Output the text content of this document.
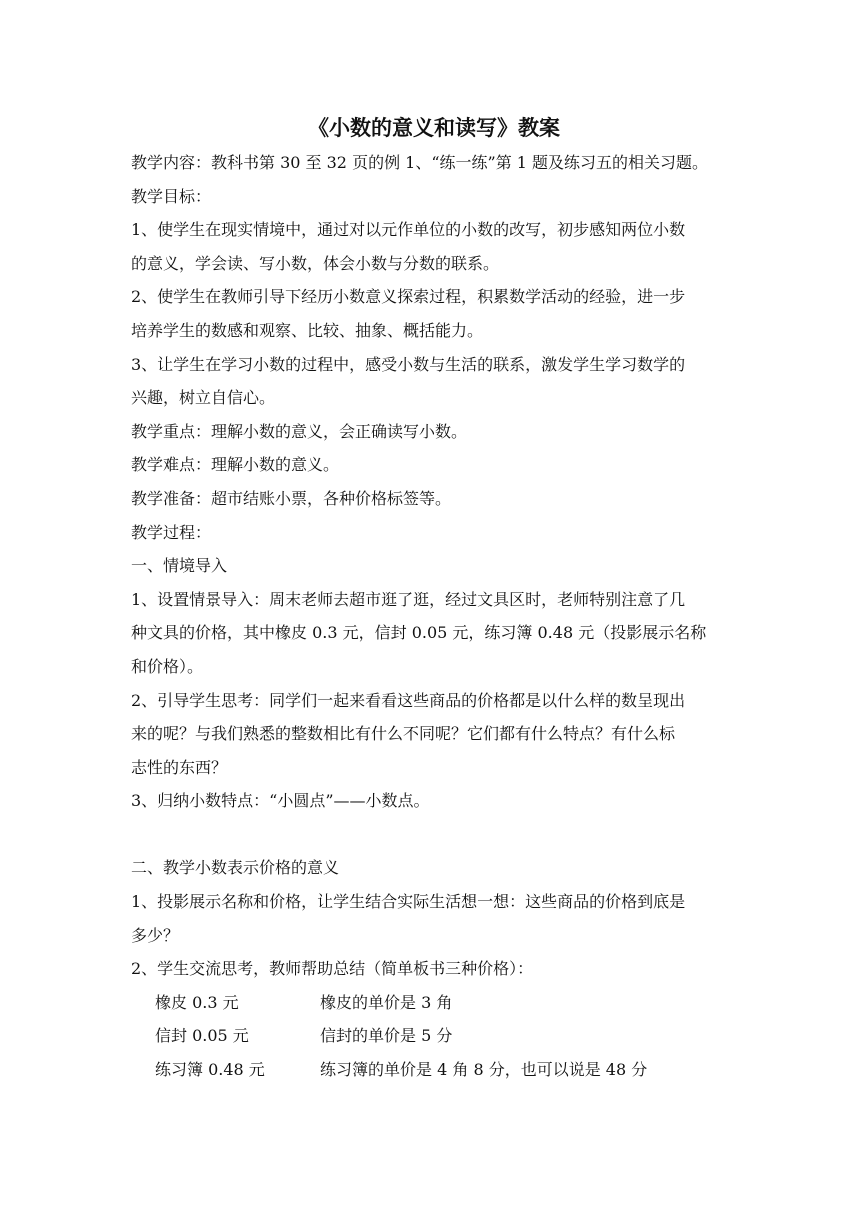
《小数的意义和读写》教案

教学内容：教科书第 30 至 32 页的例 1、“练一练”第 1 题及练习五的相关习题。

教学目标：

1、使学生在现实情境中，通过对以元作单位的小数的改写，初步感知两位小数

的意义，学会读、写小数，体会小数与分数的联系。

2、使学生在教师引导下经历小数意义探索过程，积累数学活动的经验，进一步

培养学生的数感和观察、比较、抽象、概括能力。

3、让学生在学习小数的过程中，感受小数与生活的联系，激发学生学习数学的

兴趣，树立自信心。

教学重点：理解小数的意义，会正确读写小数。

教学难点：理解小数的意义。

教学准备：超市结账小票，各种价格标签等。

教学过程：

一、情境导入

1、设置情景导入：周末老师去超市逛了逛，经过文具区时，老师特别注意了几

种文具的价格，其中橡皮 0.3 元，信封 0.05 元，练习簿 0.48 元（投影展示名称

和价格）。

2、引导学生思考：同学们一起来看看这些商品的价格都是以什么样的数呈现出

来的呢？与我们熟悉的整数相比有什么不同呢？它们都有什么特点？有什么标

志性的东西？

3、归纳小数特点：“小圆点”——小数点。

二、教学小数表示价格的意义

1、投影展示名称和价格，让学生结合实际生活想一想：这些商品的价格到底是

多少？

2、学生交流思考，教师帮助总结（简单板书三种价格）：

橡皮 0.3 元	橡皮的单价是 3 角
信封 0.05 元	信封的单价是 5 分
练习簿 0.48 元	练习簿的单价是 4 角 8 分，也可以说是 48 分
